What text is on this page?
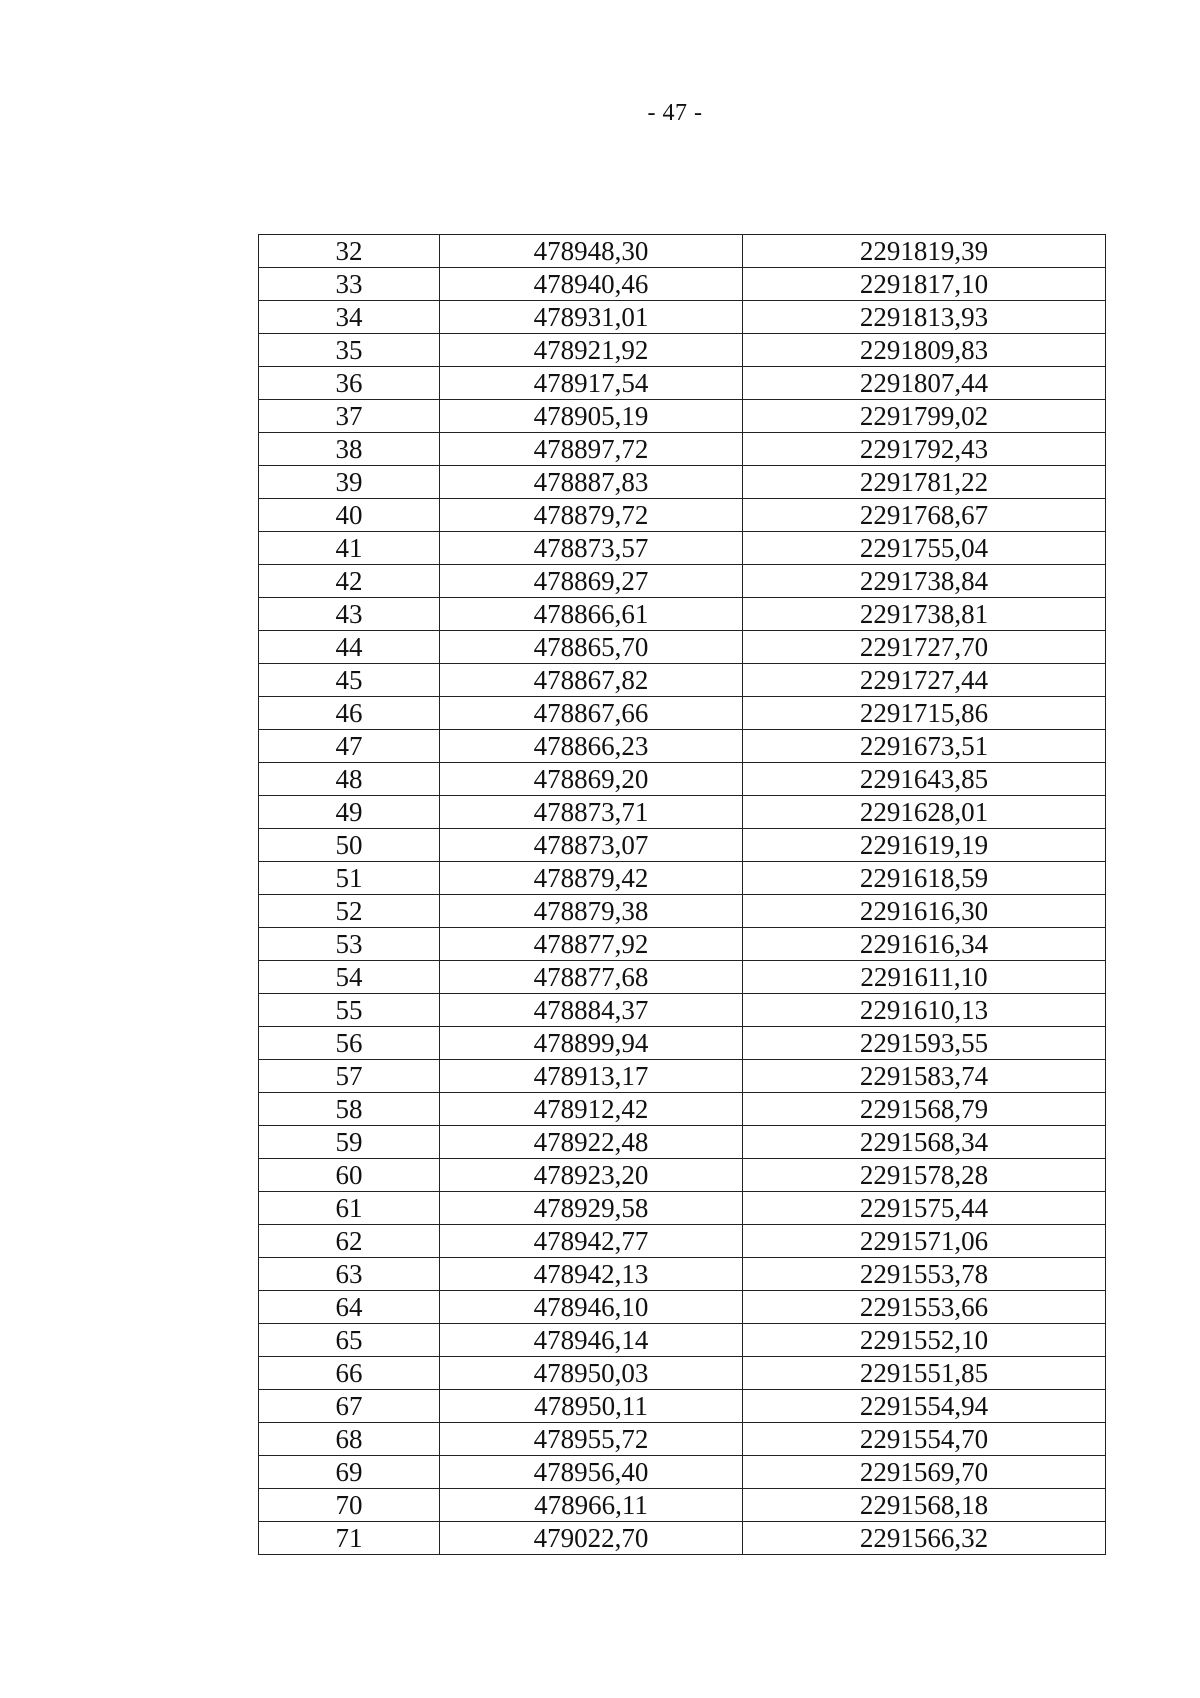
- 47 -
32	478948,30	2291819,39
33	478940,46	2291817,10
34	478931,01	2291813,93
35	478921,92	2291809,83
36	478917,54	2291807,44
37	478905,19	2291799,02
38	478897,72	2291792,43
39	478887,83	2291781,22
40	478879,72	2291768,67
41	478873,57	2291755,04
42	478869,27	2291738,84
43	478866,61	2291738,81
44	478865,70	2291727,70
45	478867,82	2291727,44
46	478867,66	2291715,86
47	478866,23	2291673,51
48	478869,20	2291643,85
49	478873,71	2291628,01
50	478873,07	2291619,19
51	478879,42	2291618,59
52	478879,38	2291616,30
53	478877,92	2291616,34
54	478877,68	2291611,10
55	478884,37	2291610,13
56	478899,94	2291593,55
57	478913,17	2291583,74
58	478912,42	2291568,79
59	478922,48	2291568,34
60	478923,20	2291578,28
61	478929,58	2291575,44
62	478942,77	2291571,06
63	478942,13	2291553,78
64	478946,10	2291553,66
65	478946,14	2291552,10
66	478950,03	2291551,85
67	478950,11	2291554,94
68	478955,72	2291554,70
69	478956,40	2291569,70
70	478966,11	2291568,18
71	479022,70	2291566,32
